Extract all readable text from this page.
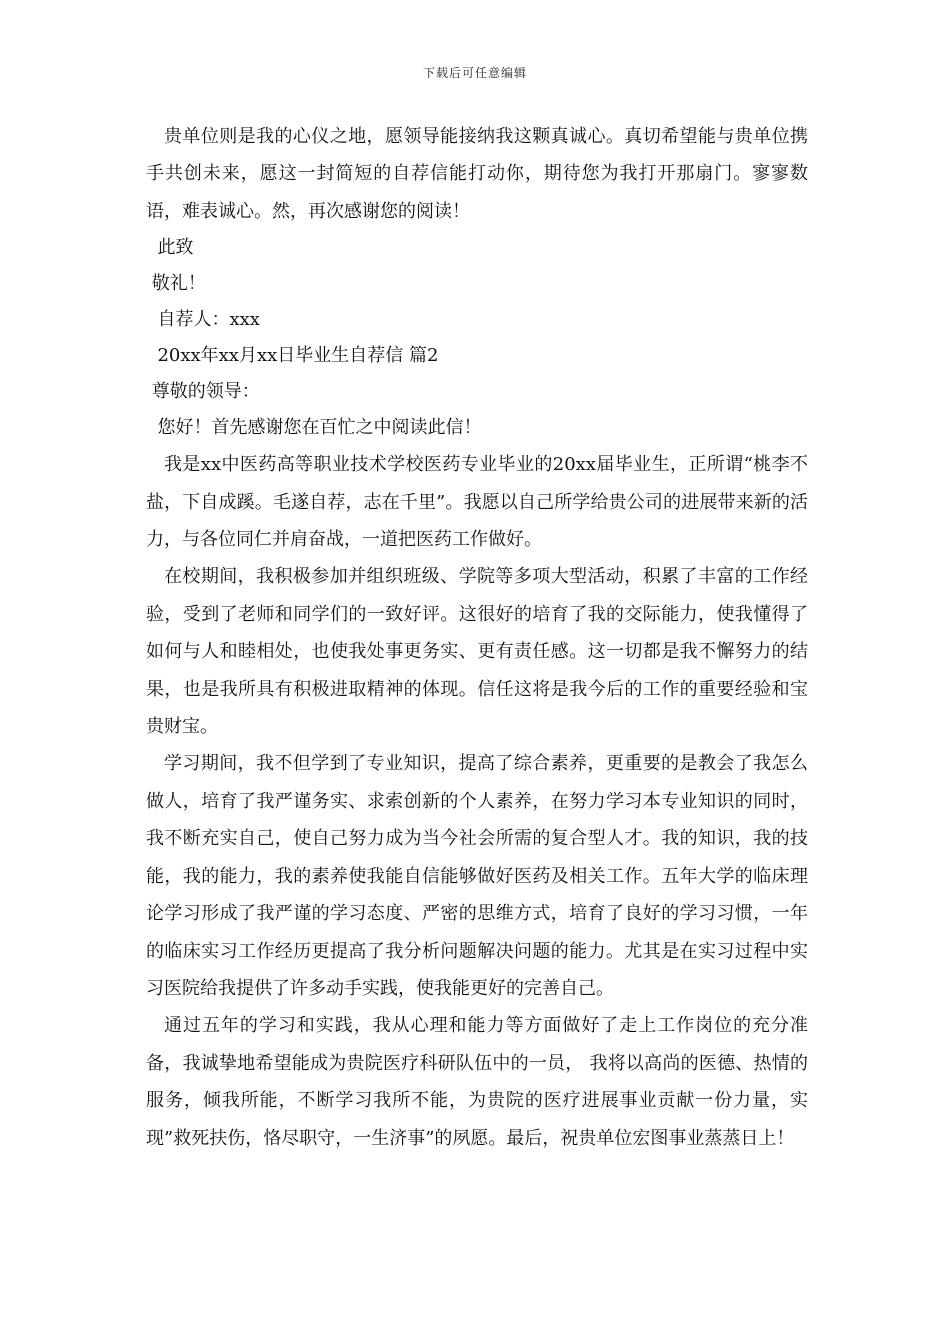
下载后可任意编辑

贵单位则是我的心仪之地，愿领导能接纳我这颗真诚心。真切希望能与贵单位携手共创未来，愿这一封简短的自荐信能打动你，期待您为我打开那扇门。寥寥数语，难表诚心。然，再次感谢您的阅读！

此致

敬礼！

自荐人：xxx

20xx年xx月xx日毕业生自荐信 篇2

尊敬的领导：

您好！首先感谢您在百忙之中阅读此信！

我是xx中医药高等职业技术学校医药专业毕业的20xx届毕业生，正所谓“桃李不盐，下自成蹊。毛遂自荐，志在千里”。我愿以自己所学给贵公司的进展带来新的活力，与各位同仁并肩奋战，一道把医药工作做好。

在校期间，我积极参加并组织班级、学院等多项大型活动，积累了丰富的工作经验，受到了老师和同学们的一致好评。这很好的培育了我的交际能力，使我懂得了如何与人和睦相处，也使我处事更务实、更有责任感。这一切都是我不懈努力的结果，也是我所具有积极进取精神的体现。信任这将是我今后的工作的重要经验和宝贵财宝。

学习期间，我不但学到了专业知识，提高了综合素养，更重要的是教会了我怎么做人，培育了我严谨务实、求索创新的个人素养，在努力学习本专业知识的同时，我不断充实自己，使自己努力成为当今社会所需的复合型人才。我的知识，我的技能，我的能力，我的素养使我能自信能够做好医药及相关工作。五年大学的临床理论学习形成了我严谨的学习态度、严密的思维方式，培育了良好的学习习惯，一年的临床实习工作经历更提高了我分析问题解决问题的能力。尤其是在实习过程中实习医院给我提供了许多动手实践，使我能更好的完善自己。

通过五年的学习和实践，我从心理和能力等方面做好了走上工作岗位的充分准备，我诚挚地希望能成为贵院医疗科研队伍中的一员， 我将以高尚的医德、热情的服务，倾我所能，不断学习我所不能，为贵院的医疗进展事业贡献一份力量，实现”救死扶伤，恪尽职守，一生济事”的夙愿。最后，祝贵单位宏图事业蒸蒸日上！
